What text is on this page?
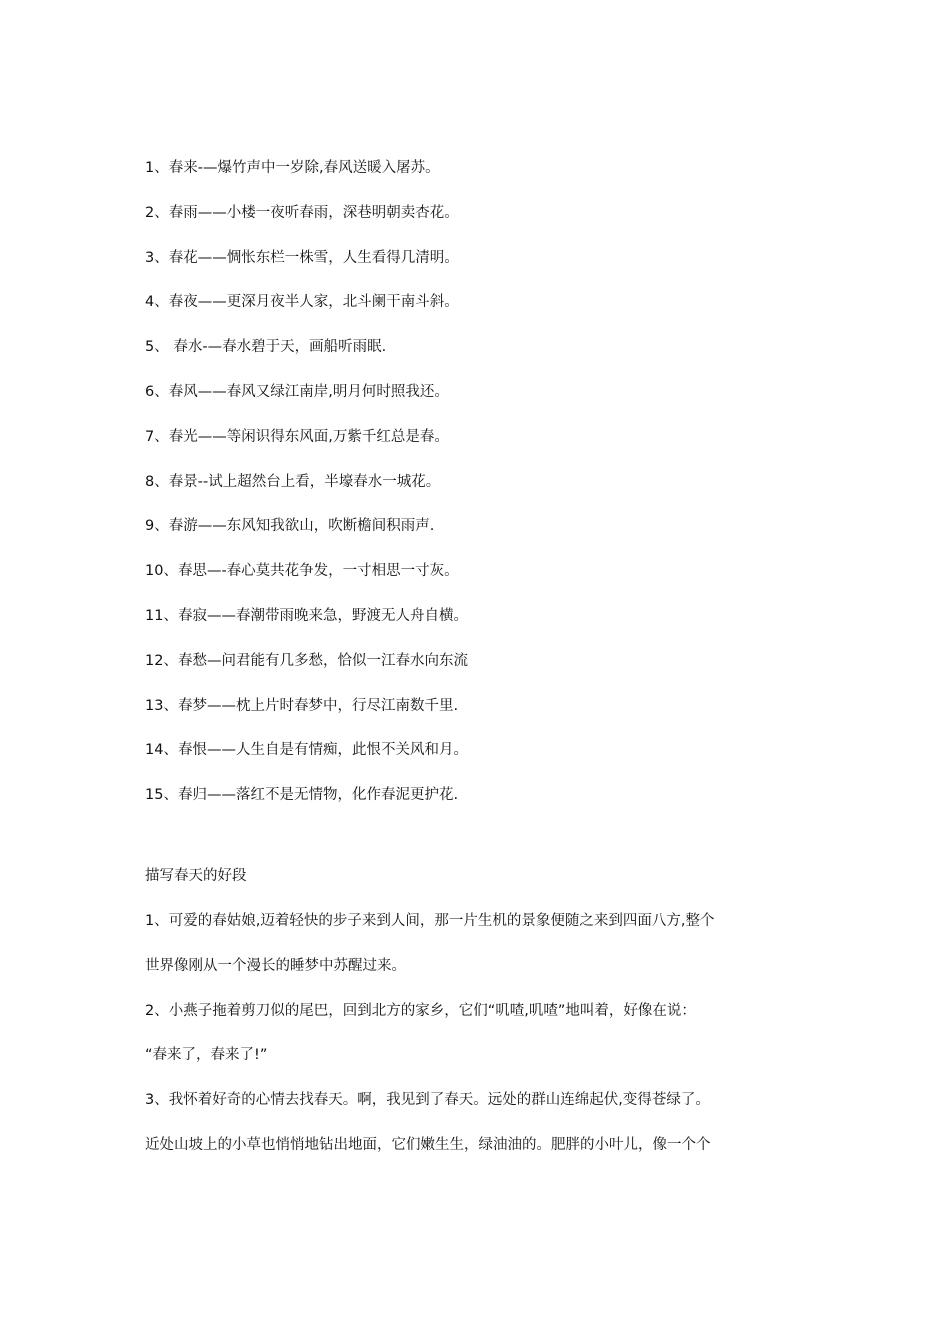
1、春来-—爆竹声中一岁除,春风送暖入屠苏。
2、春雨——小楼一夜听春雨，深巷明朝卖杏花。
3、春花——惆怅东栏一株雪，人生看得几清明。
4、春夜——更深月夜半人家，北斗阑干南斗斜。
5、 春水-—春水碧于天，画船听雨眠.
6、春风——春风又绿江南岸,明月何时照我还。
7、春光——等闲识得东风面,万紫千红总是春。
8、春景--试上超然台上看，半壕春水一城花。
9、春游——东风知我欲山，吹断檐间积雨声.
10、春思—-春心莫共花争发，一寸相思一寸灰。
11、春寂——春潮带雨晚来急，野渡无人舟自横。
12、春愁—问君能有几多愁，恰似一江春水向东流
13、春梦——枕上片时春梦中，行尽江南数千里.
14、春恨——人生自是有情痴，此恨不关风和月。
15、春归——落红不是无情物，化作春泥更护花.
描写春天的好段
1、可爱的春姑娘,迈着轻快的步子来到人间，那一片生机的景象便随之来到四面八方,整个
世界像刚从一个漫长的睡梦中苏醒过来。
2、小燕子拖着剪刀似的尾巴，回到北方的家乡，它们“叽喳,叽喳”地叫着，好像在说：
“春来了，春来了!”
3、我怀着好奇的心情去找春天。啊，我见到了春天。远处的群山连绵起伏,变得苍绿了。
近处山坡上的小草也悄悄地钻出地面，它们嫩生生，绿油油的。肥胖的小叶儿，像一个个
